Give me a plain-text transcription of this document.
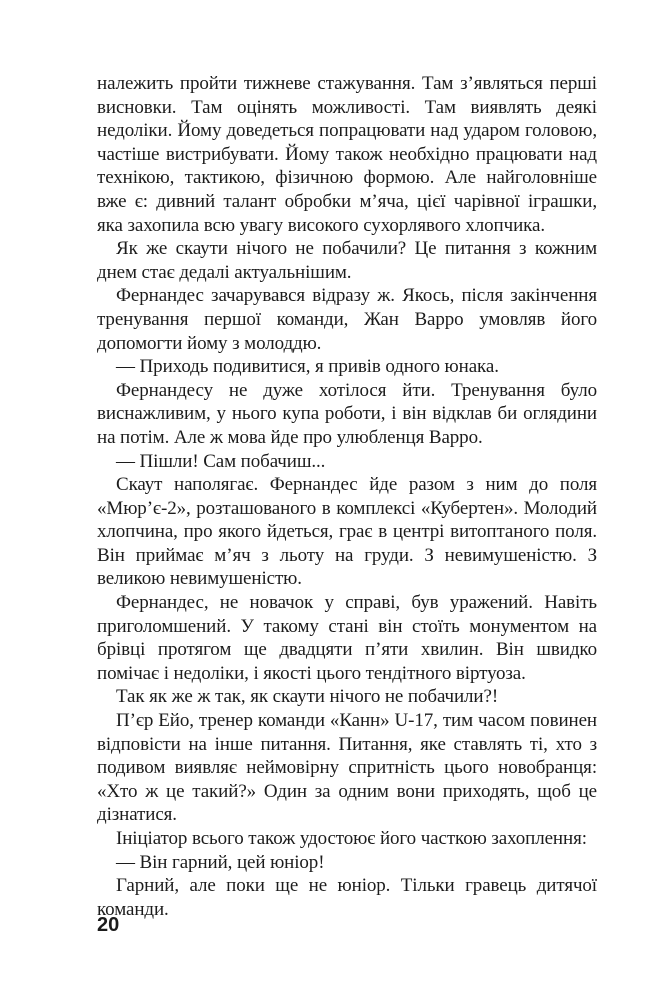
належить пройти тижневе стажування. Там з’являться перші висновки. Там оцінять можливості. Там виявлять деякі недоліки. Йому доведеться попрацювати над ударом головою, частіше вистрибувати. Йому також необхідно працювати над технікою, тактикою, фізичною формою. Але найголовніше вже є: дивний талант обробки м’яча, цієї чарівної іграшки, яка захопила всю увагу високого сухорлявого хлопчика.

Як же скаути нічого не побачили? Це питання з кожним днем стає дедалі актуальнішим.

Фернандес зачарувався відразу ж. Якось, після закінчення тренування першої команди, Жан Варро умовляв його допомогти йому з молоддю.

— Приходь подивитися, я привів одного юнака.

Фернандесу не дуже хотілося йти. Тренування було виснажливим, у нього купа роботи, і він відклав би оглядини на потім. Але ж мова йде про улюбленця Варро.

— Пішли! Сам побачиш...

Скаут наполягає. Фернандес йде разом з ним до поля «Мюр’є-2», розташованого в комплексі «Кубертен». Молодий хлопчина, про якого йдеться, грає в центрі витоптаного поля. Він приймає м’яч з льоту на груди. З невимушеністю. З великою невимушеністю.

Фернандес, не новачок у справі, був уражений. Навіть приголомшений. У такому стані він стоїть монументом на брівці протягом ще двадцяти п’яти хвилин. Він швидко помічає і недоліки, і якості цього тендітного віртуоза.

Так як же ж так, як скаути нічого не побачили?!

П’єр Ейо, тренер команди «Канн» U-17, тим часом повинен відповісти на інше питання. Питання, яке ставлять ті, хто з подивом виявляє неймовірну спритність цього новобранця: «Хто ж це такий?» Один за одним вони приходять, щоб це дізнатися.

Ініціатор всього також удостоює його часткою захоплення:

— Він гарний, цей юніор!

Гарний, але поки ще не юніор. Тільки гравець дитячої команди.

20
